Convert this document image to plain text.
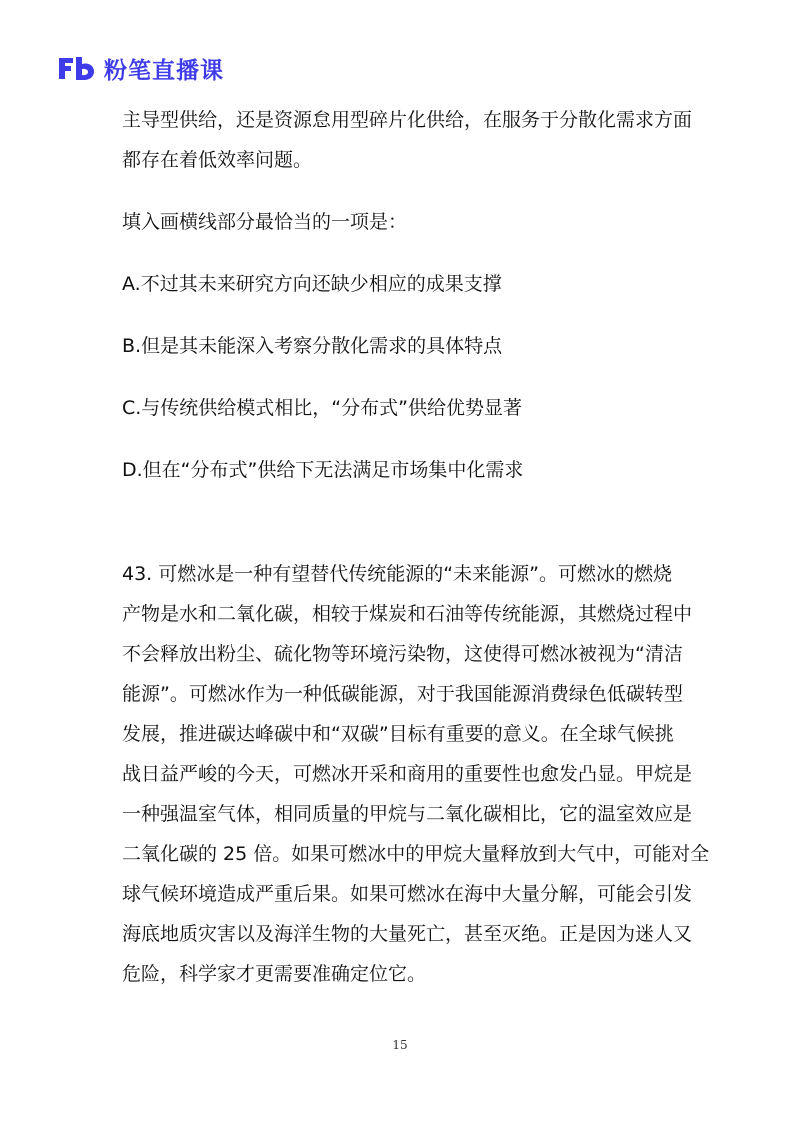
粉笔直播课

主导型供给，还是资源怠用型碎片化供给，在服务于分散化需求方面

都存在着低效率问题。

填入画横线部分最恰当的一项是：

A.不过其未来研究方向还缺少相应的成果支撑

B.但是其未能深入考察分散化需求的具体特点

C.与传统供给模式相比，“分布式”供给优势显著

D.但在“分布式”供给下无法满足市场集中化需求

43. 可燃冰是一种有望替代传统能源的“未来能源”。可燃冰的燃烧

产物是水和二氧化碳，相较于煤炭和石油等传统能源，其燃烧过程中

不会释放出粉尘、硫化物等环境污染物，这使得可燃冰被视为“清洁

能源”。可燃冰作为一种低碳能源，对于我国能源消费绿色低碳转型

发展，推进碳达峰碳中和“双碳”目标有重要的意义。在全球气候挑

战日益严峻的今天，可燃冰开采和商用的重要性也愈发凸显。甲烷是

一种强温室气体，相同质量的甲烷与二氧化碳相比，它的温室效应是

二氧化碳的 25 倍。如果可燃冰中的甲烷大量释放到大气中，可能对全

球气候环境造成严重后果。如果可燃冰在海中大量分解，可能会引发

海底地质灾害以及海洋生物的大量死亡，甚至灭绝。正是因为迷人又

危险，科学家才更需要准确定位它。

15
